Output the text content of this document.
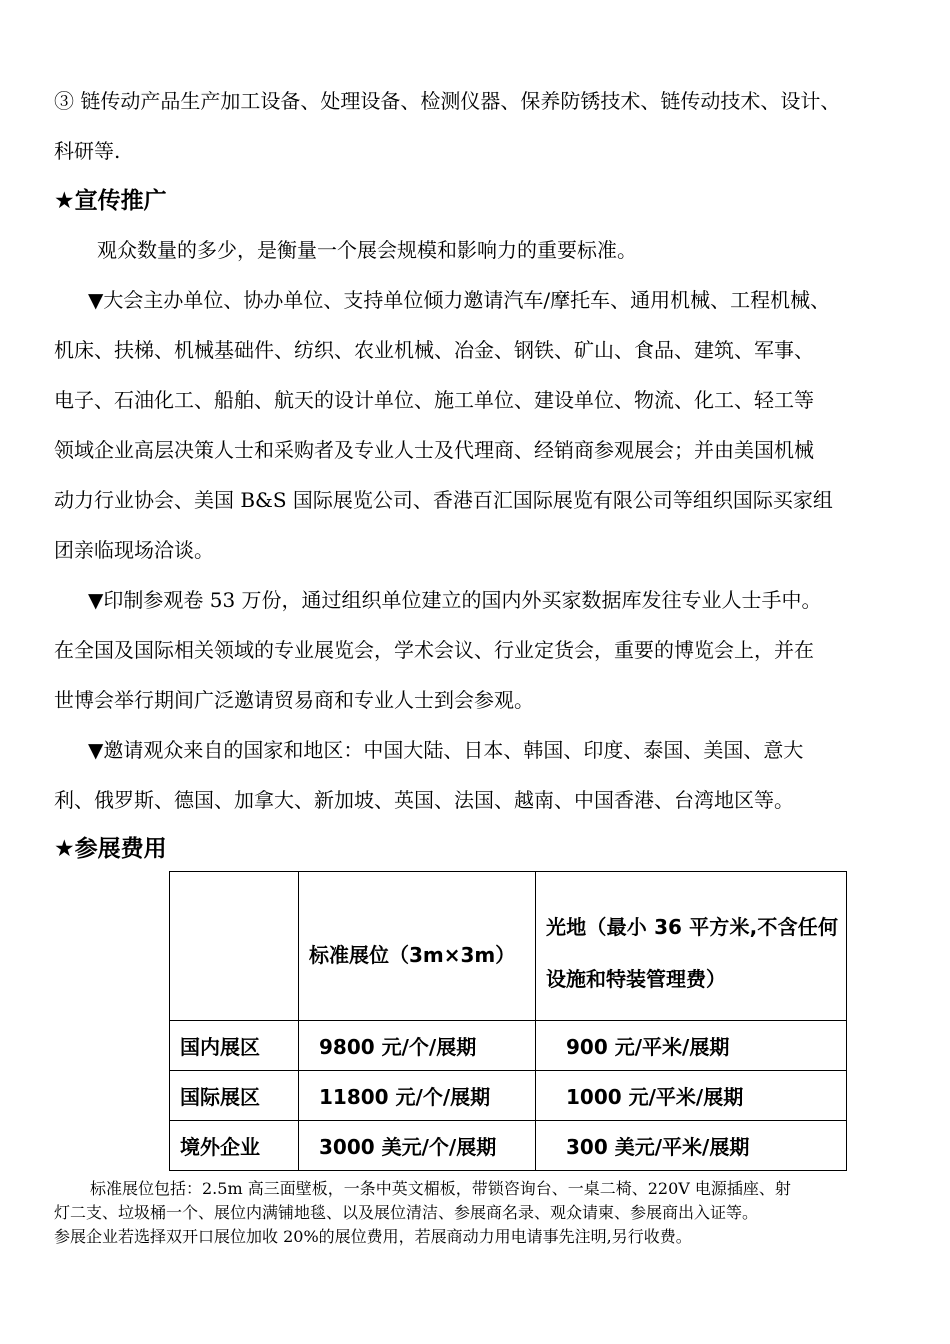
③ 链传动产品生产加工设备、处理设备、检测仪器、保养防锈技术、链传动技术、设计、
科研等.
★宣传推广
观众数量的多少，是衡量一个展会规模和影响力的重要标准。
▼大会主办单位、协办单位、支持单位倾力邀请汽车/摩托车、通用机械、工程机械、
机床、扶梯、机械基础件、纺织、农业机械、冶金、钢铁、矿山、食品、建筑、军事、
电子、石油化工、船舶、航天的设计单位、施工单位、建设单位、物流、化工、轻工等
领域企业高层决策人士和采购者及专业人士及代理商、经销商参观展会；并由美国机械
动力行业协会、美国 B&S 国际展览公司、香港百汇国际展览有限公司等组织国际买家组
团亲临现场洽谈。
▼印制参观卷 53 万份，通过组织单位建立的国内外买家数据库发往专业人士手中。
在全国及国际相关领域的专业展览会，学术会议、行业定货会，重要的博览会上，并在
世博会举行期间广泛邀请贸易商和专业人士到会参观。
▼邀请观众来自的国家和地区：中国大陆、日本、韩国、印度、泰国、美国、意大
利、俄罗斯、德国、加拿大、新加坡、英国、法国、越南、中国香港、台湾地区等。
★参展费用

	标准展位（3m×3m）	光地（最小 36 平方米,不含任何设施和特装管理费）

国内展区	9800 元/个/展期	900 元/平米/展期
国际展区	11800 元/个/展期	1000 元/平米/展期
境外企业	3000 美元/个/展期	300 美元/平米/展期
标准展位包括：2.5m 高三面壁板，一条中英文楣板，带锁咨询台、一桌二椅、220V 电源插座、射
灯二支、垃圾桶一个、展位内满铺地毯、以及展位清洁、参展商名录、观众请柬、参展商出入证等。
参展企业若选择双开口展位加收 20%的展位费用，若展商动力用电请事先注明,另行收费。
